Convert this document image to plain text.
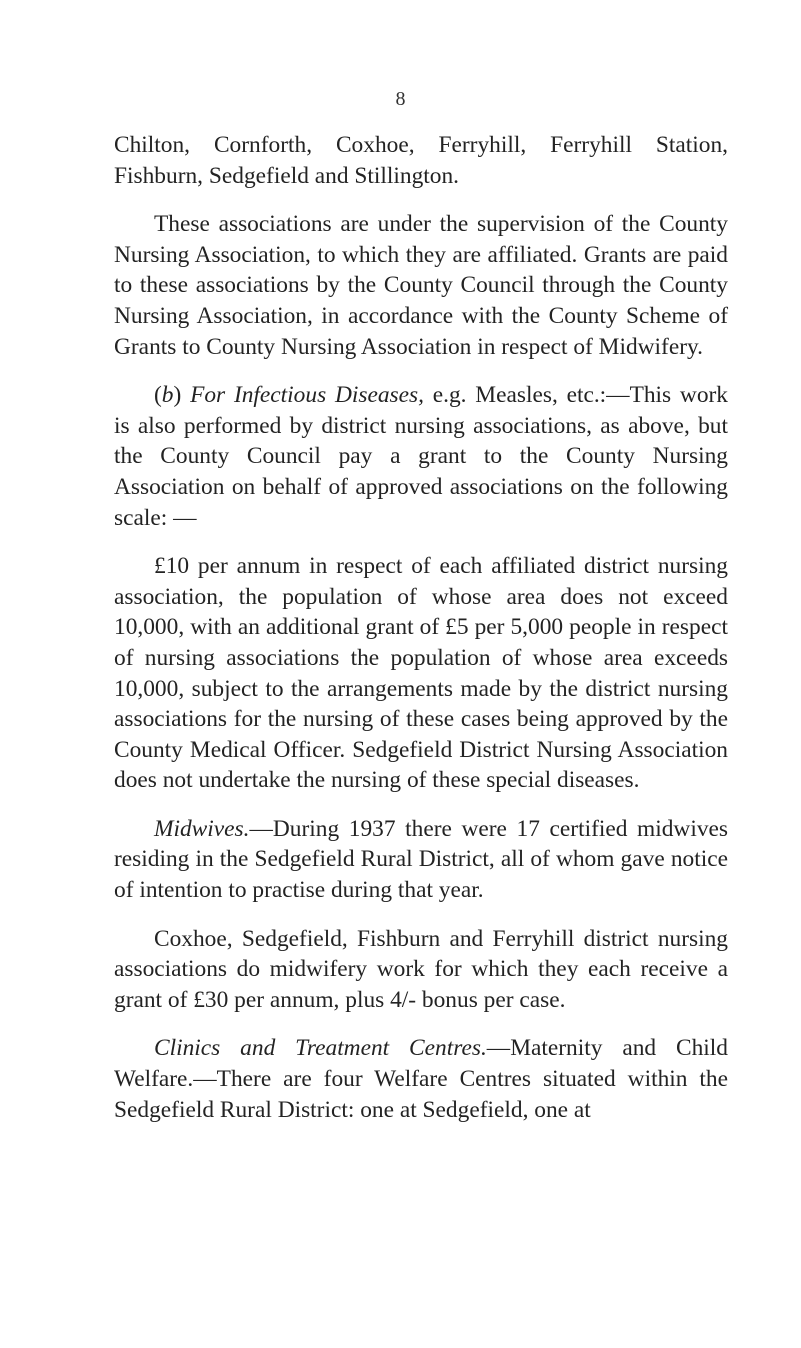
8

Chilton, Cornforth, Coxhoe, Ferryhill, Ferryhill Station, Fishburn, Sedgefield and Stillington.

These associations are under the supervision of the County Nursing Association, to which they are affiliated. Grants are paid to these associations by the County Council through the County Nursing Association, in accordance with the County Scheme of Grants to County Nursing Association in respect of Midwifery.

(b) For Infectious Diseases, e.g. Measles, etc.:—This work is also performed by district nursing associations, as above, but the County Council pay a grant to the County Nursing Association on behalf of approved associations on the following scale: —

£10 per annum in respect of each affiliated district nursing association, the population of whose area does not exceed 10,000, with an additional grant of £5 per 5,000 people in respect of nursing associations the population of whose area exceeds 10,000, subject to the arrangements made by the district nursing associations for the nursing of these cases being approved by the County Medical Officer. Sedgefield District Nursing Association does not undertake the nursing of these special diseases.

Midwives.—During 1937 there were 17 certified midwives residing in the Sedgefield Rural District, all of whom gave notice of intention to practise during that year.

Coxhoe, Sedgefield, Fishburn and Ferryhill district nursing associations do midwifery work for which they each receive a grant of £30 per annum, plus 4/- bonus per case.

Clinics and Treatment Centres.—Maternity and Child Welfare.—There are four Welfare Centres situated within the Sedgefield Rural District: one at Sedgefield, one at
